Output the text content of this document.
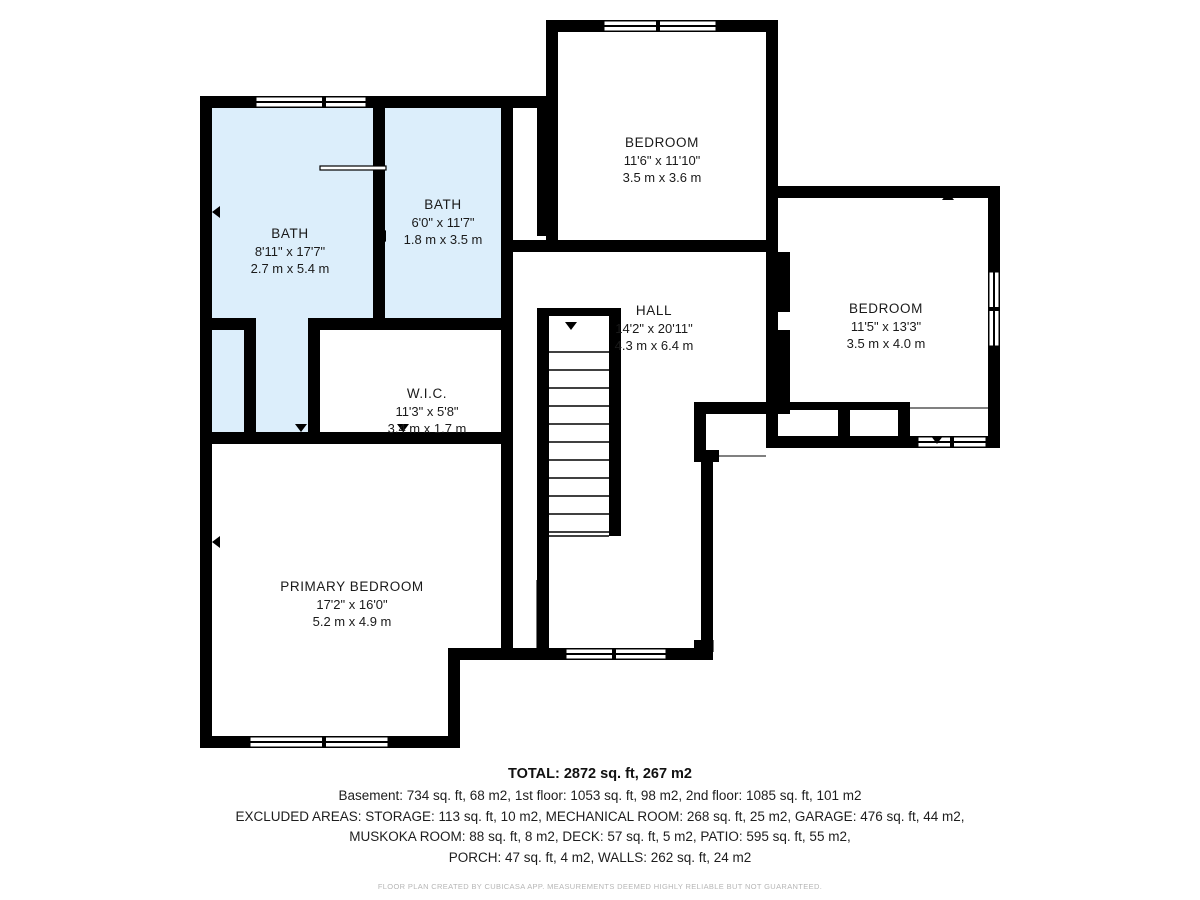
BATH
8'11" x 17'7"
2.7 m x 5.4 m
BATH
6'0" x 11'7"
1.8 m x 3.5 m
BEDROOM
11'6" x 11'10"
3.5 m x 3.6 m
BEDROOM
11'5" x 13'3"
3.5 m x 4.0 m
HALL
14'2" x 20'11"
4.3 m x 6.4 m
W.I.C.
11'3" x 5'8"
3.4 m x 1.7 m
PRIMARY BEDROOM
17'2" x 16'0"
5.2 m x 4.9 m
TOTAL: 2872 sq. ft, 267 m2
Basement: 734 sq. ft, 68 m2, 1st floor: 1053 sq. ft, 98 m2, 2nd floor: 1085 sq. ft, 101 m2
EXCLUDED AREAS: STORAGE: 113 sq. ft, 10 m2, MECHANICAL ROOM: 268 sq. ft, 25 m2, GARAGE: 476 sq. ft, 44 m2,
MUSKOKA ROOM: 88 sq. ft, 8 m2, DECK: 57 sq. ft, 5 m2, PATIO: 595 sq. ft, 55 m2,
PORCH: 47 sq. ft, 4 m2, WALLS: 262 sq. ft, 24 m2
FLOOR PLAN CREATED BY CUBICASA APP. MEASUREMENTS DEEMED HIGHLY RELIABLE BUT NOT GUARANTEED.
